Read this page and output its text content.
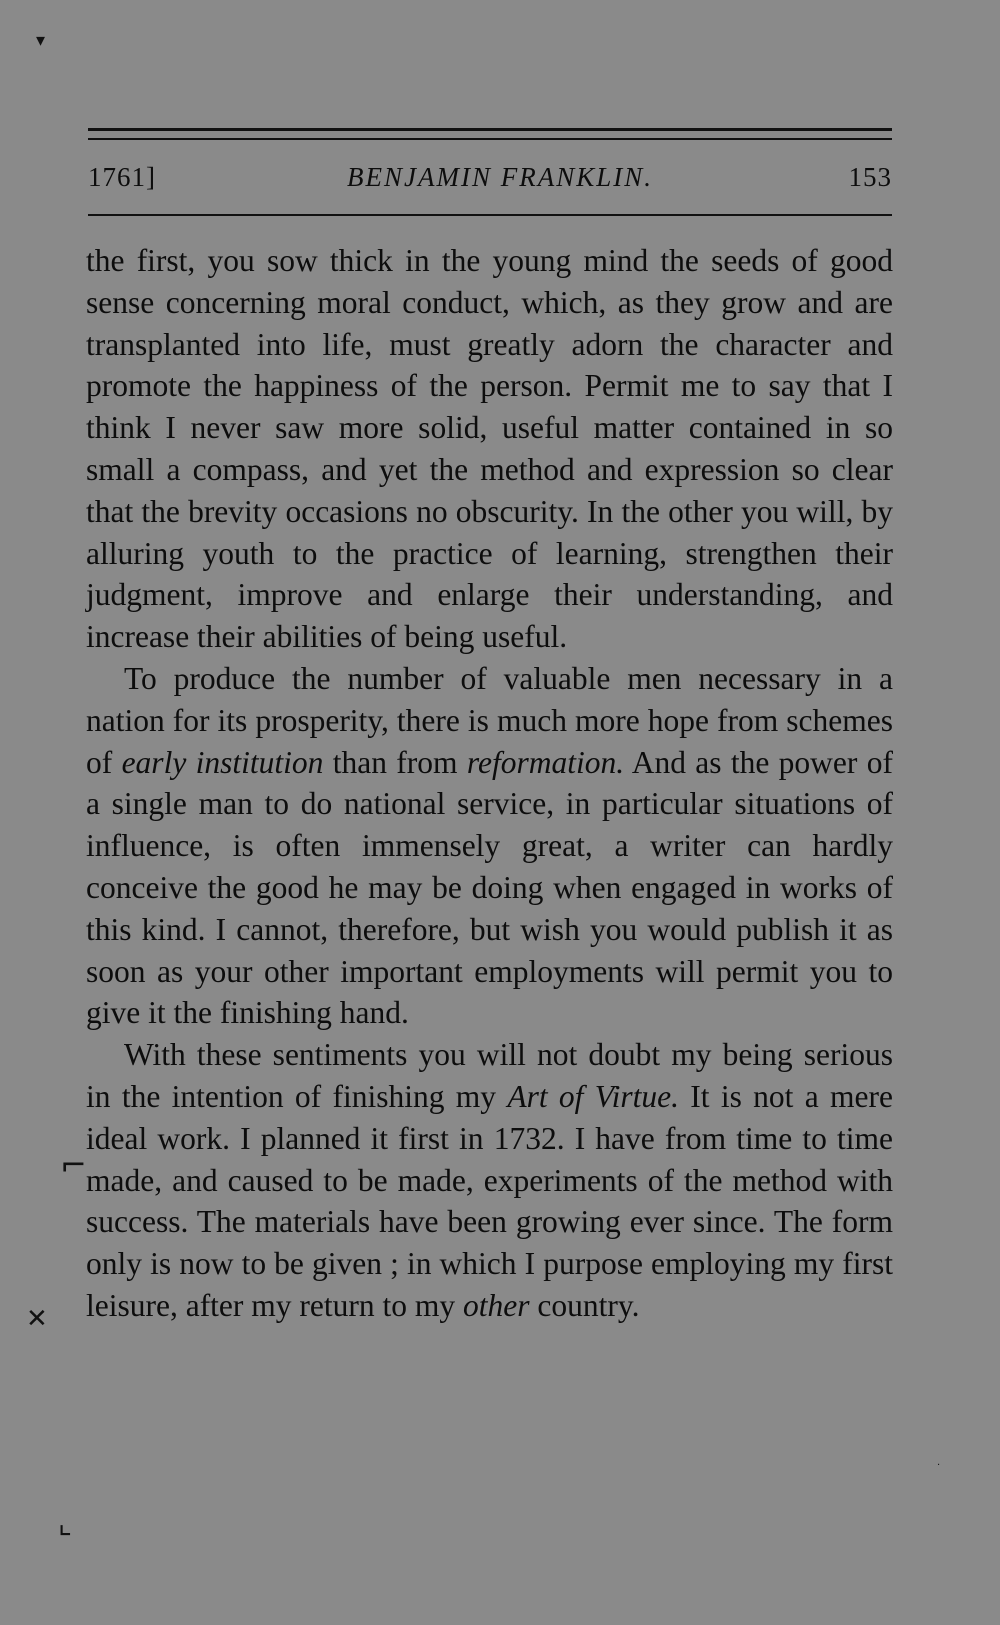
▾
1761]	BENJAMIN FRANKLIN.	153

the first, you sow thick in the young mind the seeds of good sense concerning moral conduct, which, as they grow and are transplanted into life, must greatly adorn the character and promote the happiness of the person. Permit me to say that I think I never saw more solid, useful matter contained in so small a compass, and yet the method and expression so clear that the brevity occasions no obscurity. In the other you will, by alluring youth to the practice of learning, strengthen their judgment, improve and enlarge their understanding, and increase their abilities of being useful.

To produce the number of valuable men necessary in a nation for its prosperity, there is much more hope from schemes of early institution than from reformation. And as the power of a single man to do national service, in particular situations of influence, is often immensely great, a writer can hardly conceive the good he may be doing when engaged in works of this kind. I cannot, therefore, but wish you would publish it as soon as your other important employments will permit you to give it the finishing hand.

With these sentiments you will not doubt my being serious in the intention of finishing my Art of Virtue. It is not a mere ideal work. I planned it first in 1732. I have from time to time made, and caused to be made, experiments of the method with success. The materials have been growing ever since. The form only is now to be given ; in which I purpose employing my first leisure, after my return to my other country.

⌐
✕
⌞
·
